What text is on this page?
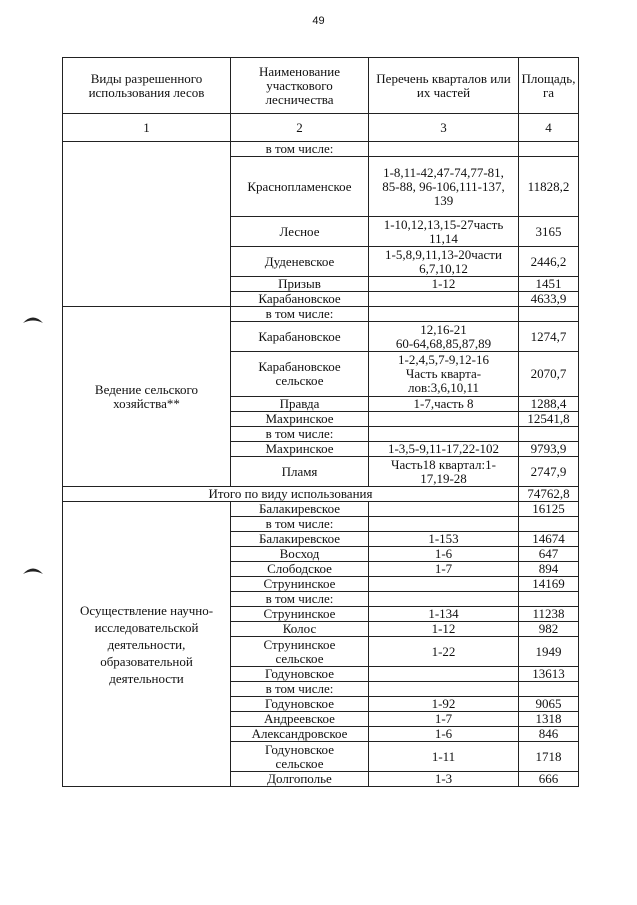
49
Виды разрешенного использования лесов	Наименование участкового лесничества	Перечень кварталов или их частей	Площадь, га
1	2	3	4
	в том числе:		
	Краснопламенское	1-8,11-42,47-74,77-81,
85-88, 96-106,111-137,
139	11828,2
	Лесное	1-10,12,13,15-27часть
11,14	3165
	Дуденевское	1-5,8,9,11,13-20части
6,7,10,12	2446,2
	Призыв	1-12	1451
	Карабановское		4633,9
Ведение сельского
хозяйства**	в том числе:		
	Карабановское	12,16-21
60-64,68,85,87,89	1274,7
	Карабановское
сельское	1-2,4,5,7-9,12-16
Часть кварта-
лов:3,6,10,11	2070,7
	Правда	1-7,часть 8	1288,4
	Махринское		12541,8
	в том числе:		
	Махринское	1-3,5-9,11-17,22-102	9793,9
	Пламя	Часть18 квартал:1-
17,19-28	2747,9
Итого по виду использования			74762,8
Осуществление научно-
исследовательской
деятельности,
образовательной
деятельности	Балакиревское		16125
	в том числе:		
	Балакиревское	1-153	14674
	Восход	1-6	647
	Слободское	1-7	894
	Струнинское		14169
	в том числе:		
	Струнинское	1-134	11238
	Колос	1-12	982
	Струнинское
сельское	1-22	1949
	Годуновское		13613
	в том числе:		
	Годуновское	1-92	9065
	Андреевское	1-7	1318
	Александровское	1-6	846
	Годуновское
сельское	1-11	1718
	Долгополье	1-3	666
